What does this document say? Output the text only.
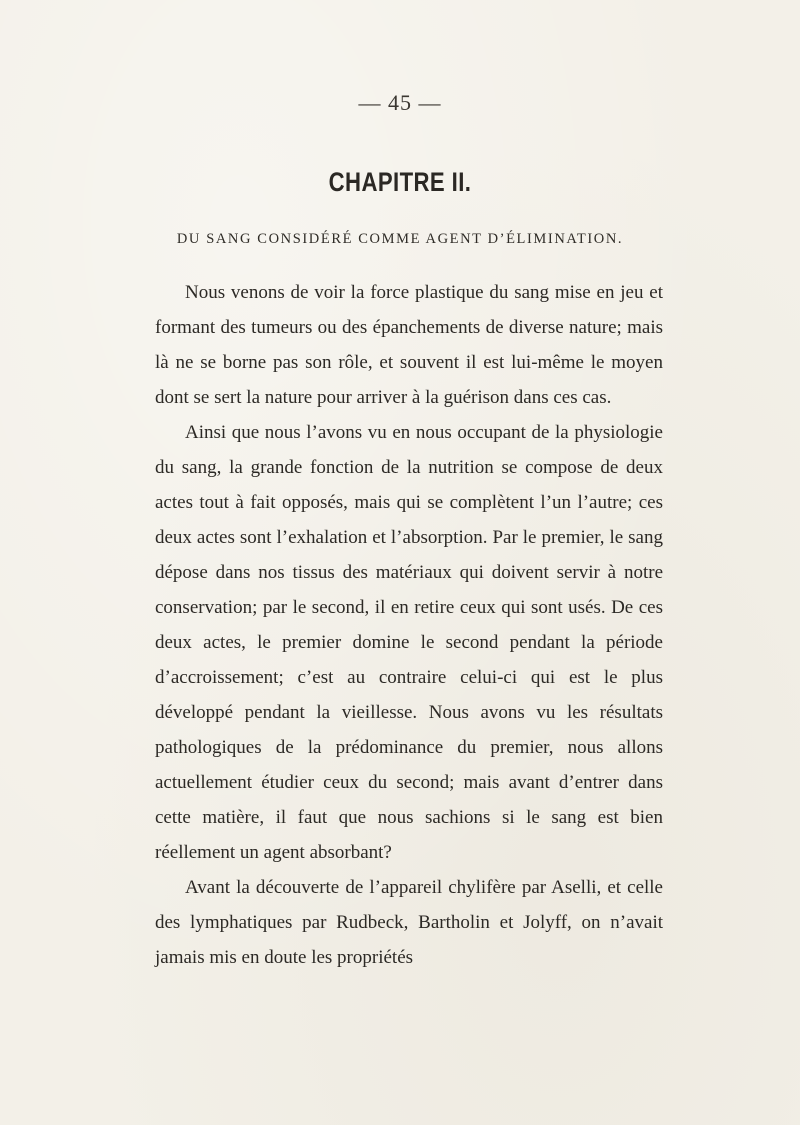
— 45 —
CHAPITRE II.
DU SANG CONSIDÉRÉ COMME AGENT D’ÉLIMINATION.

Nous venons de voir la force plastique du sang mise en jeu et formant des tumeurs ou des épanchements de diverse nature; mais là ne se borne pas son rôle, et souvent il est lui-même le moyen dont se sert la nature pour arriver à la guérison dans ces cas.

Ainsi que nous l’avons vu en nous occupant de la physiologie du sang, la grande fonction de la nutrition se compose de deux actes tout à fait opposés, mais qui se complètent l’un l’autre; ces deux actes sont l’exhalation et l’absorption. Par le premier, le sang dépose dans nos tissus des matériaux qui doivent servir à notre conservation; par le second, il en retire ceux qui sont usés. De ces deux actes, le premier domine le second pendant la période d’accroissement; c’est au contraire celui-ci qui est le plus développé pendant la vieillesse. Nous avons vu les résultats pathologiques de la prédominance du premier, nous allons actuellement étudier ceux du second; mais avant d’entrer dans cette matière, il faut que nous sachions si le sang est bien réellement un agent absorbant?

Avant la découverte de l’appareil chylifère par Aselli, et celle des lymphatiques par Rudbeck, Bartholin et Jolyff, on n’avait jamais mis en doute les propriétés
